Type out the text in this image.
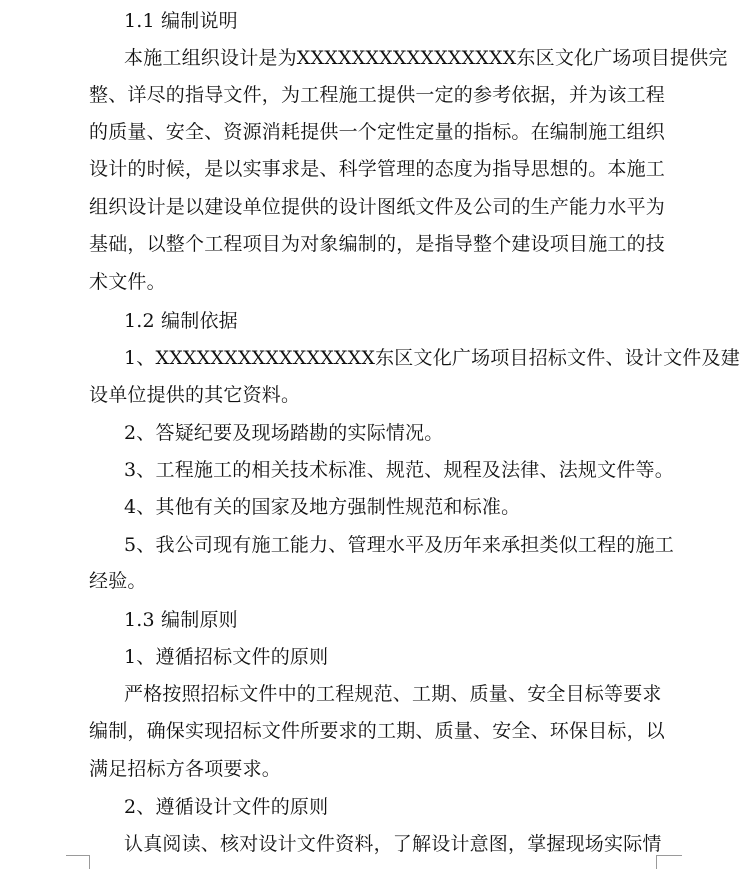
1.1 编制说明
本施工组织设计是为XXXXXXXXXXXXXXXX东区文化广场项目提供完
整、详尽的指导文件，为工程施工提供一定的参考依据，并为该工程
的质量、安全、资源消耗提供一个定性定量的指标。在编制施工组织
设计的时候，是以实事求是、科学管理的态度为指导思想的。本施工
组织设计是以建设单位提供的设计图纸文件及公司的生产能力水平为
基础，以整个工程项目为对象编制的，是指导整个建设项目施工的技
术文件。
1.2 编制依据
1、XXXXXXXXXXXXXXXX东区文化广场项目招标文件、设计文件及建
设单位提供的其它资料。
2、答疑纪要及现场踏勘的实际情况。
3、工程施工的相关技术标准、规范、规程及法律、法规文件等。
4、其他有关的国家及地方强制性规范和标准。
5、我公司现有施工能力、管理水平及历年来承担类似工程的施工
经验。
1.3 编制原则
1、遵循招标文件的原则
严格按照招标文件中的工程规范、工期、质量、安全目标等要求
编制，确保实现招标文件所要求的工期、质量、安全、环保目标，以
满足招标方各项要求。
2、遵循设计文件的原则
认真阅读、核对设计文件资料，了解设计意图，掌握现场实际情
